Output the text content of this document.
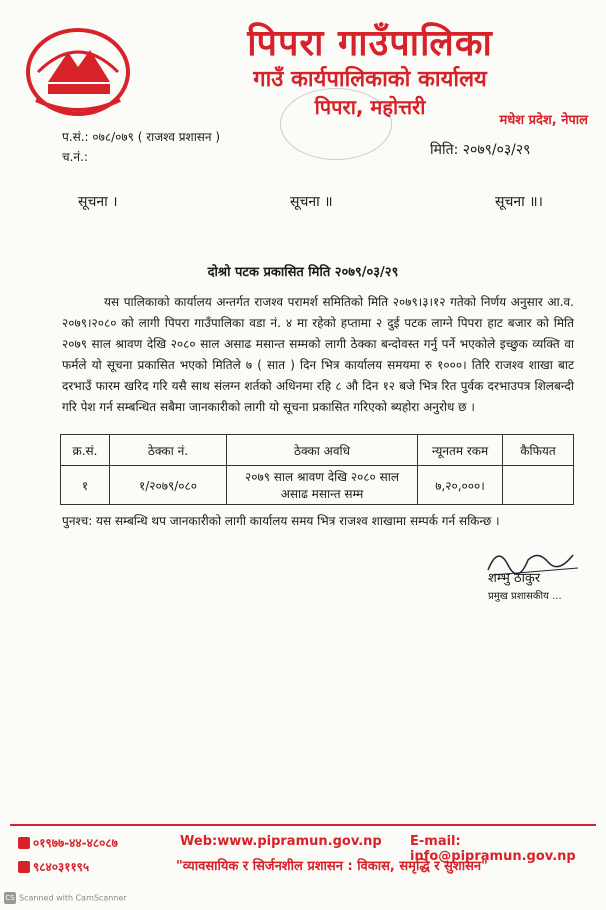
पिपरा गाउँपालिका
गाउँ कार्यपालिकाको कार्यालय
पिपरा, महोत्तरी
मधेश प्रदेश, नेपाल
प.सं.: ०७८/०७९ ( राजश्व प्रशासन )
च.नं.:	मिति: २०७९/०३/२९
सूचना ।	सूचना ॥	सूचना ॥।
दोश्रो पटक प्रकासित मिति २०७९/०३/२९
यस पालिकाको कार्यालय अन्तर्गत राजश्व परामर्श समितिको मिति २०७९।३।१२ गतेको निर्णय अनुसार आ.व. २०७९।२०८० को लागी पिपरा गाउँपालिका वडा नं. ४ मा रहेको हप्तामा २ दुई पटक लाग्ने पिपरा हाट बजार को मिति २०७९ साल श्रावण देखि २०८० साल असाढ मसान्त सम्मको लागी ठेक्का बन्दोवस्त गर्नु पर्ने भएकोले इच्छुक व्यक्ति वा फर्मले यो सूचना प्रकासित भएको मितिले ७ ( सात ) दिन भित्र कार्यालय समयमा रु १०००। तिरि राजश्व शाखा बाट दरभाउँ फारम खरिद गरि यसै साथ संलग्न शर्तको अधिनमा रहि ८ औ दिन १२ बजे भित्र रित पुर्वक दरभाउपत्र शिलबन्दी गरि पेश गर्न सम्बन्धित सबैमा जानकारीको लागी यो सूचना प्रकासित गरिएको ब्यहोरा अनुरोध छ ।
क्र.सं.	ठेक्का नं.	ठेक्का अवधि	न्यूनतम रकम	कैफियत
१	१/२०७९/०८०	२०७९ साल श्रावण देखि २०८० साल असाढ मसान्त सम्म	७,२०,०००।	
पुनश्च: यस सम्बन्धि थप जानकारीको लागी कार्यालय समय भित्र राजश्व शाखामा सम्पर्क गर्न सकिन्छ ।
शम्भु ठाकुर
प्रमुख प्रशासकीय ...
०१९७७-४४-४८०८७	Web:www.pipramun.gov.np E-mail: info@pipramun.gov.np
९८४०३११९५	"व्यावसायिक र सिर्जनशील प्रशासन : विकास, समृद्धि र सुशासन"
CS Scanned with CamScanner
